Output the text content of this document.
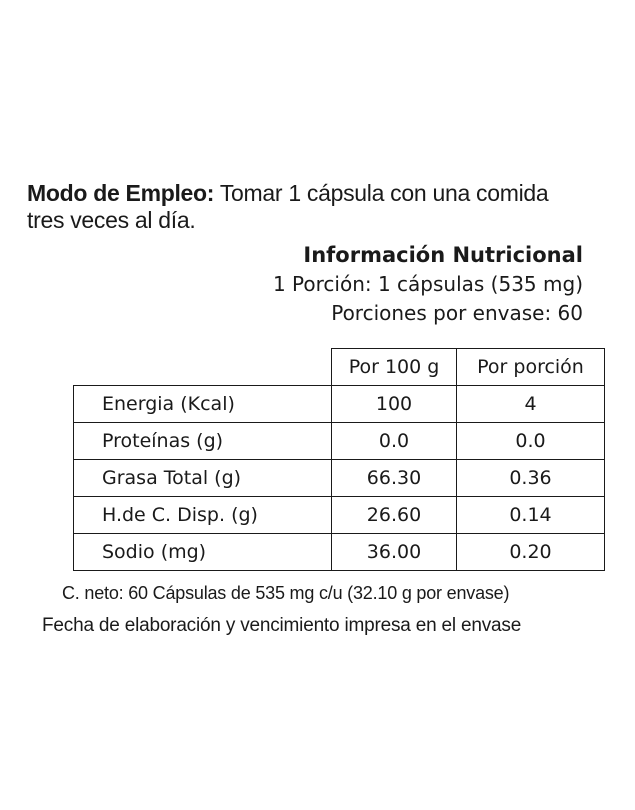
Modo de Empleo: Tomar 1 cápsula con una comida
tres veces al día.
Información Nutricional
1 Porción: 1 cápsulas (535 mg)
Porciones por envase: 60
	Por 100 g	Por porción
Energia (Kcal)	100	4
Proteínas (g)	0.0	0.0
Grasa Total (g)	66.30	0.36
H.de C. Disp. (g)	26.60	0.14
Sodio (mg)	36.00	0.20
C. neto: 60 Cápsulas de 535 mg c/u (32.10 g por envase)
Fecha de elaboración y vencimiento impresa en el envase
